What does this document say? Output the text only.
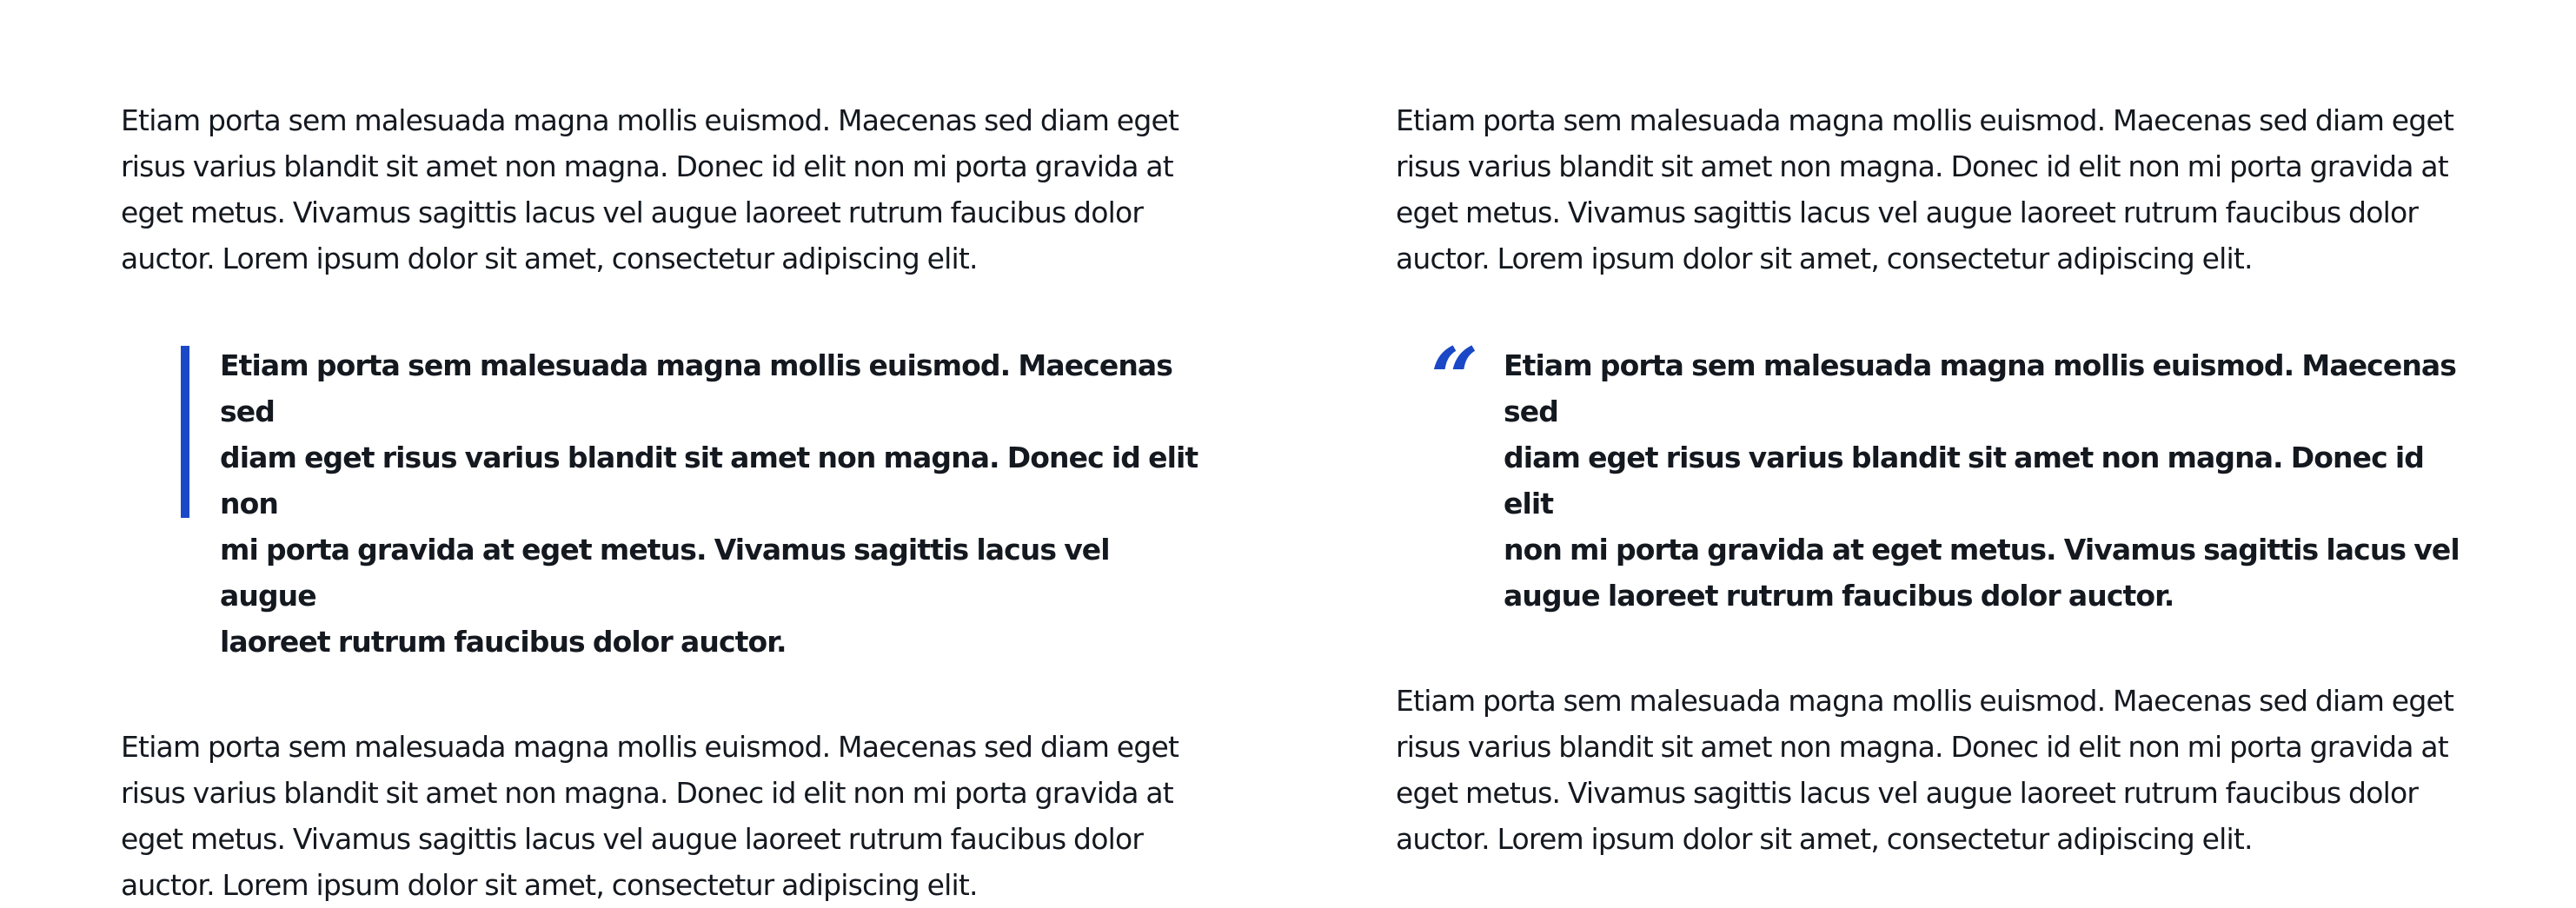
Etiam porta sem malesuada magna mollis euismod. Maecenas sed diam eget
risus varius blandit sit amet non magna. Donec id elit non mi porta gravida at
eget metus. Vivamus sagittis lacus vel augue laoreet rutrum faucibus dolor
auctor. Lorem ipsum dolor sit amet, consectetur adipiscing elit.

Etiam porta sem malesuada magna mollis euismod. Maecenas sed
diam eget risus varius blandit sit amet non magna. Donec id elit non
mi porta gravida at eget metus. Vivamus sagittis lacus vel augue
laoreet rutrum faucibus dolor auctor.

Etiam porta sem malesuada magna mollis euismod. Maecenas sed diam eget
risus varius blandit sit amet non magna. Donec id elit non mi porta gravida at
eget metus. Vivamus sagittis lacus vel augue laoreet rutrum faucibus dolor
auctor. Lorem ipsum dolor sit amet, consectetur adipiscing elit.

Etiam porta sem malesuada magna mollis euismod. Maecenas sed diam eget
risus varius blandit sit amet non magna. Donec id elit non mi porta gravida at
eget metus. Vivamus sagittis lacus vel augue laoreet rutrum faucibus dolor
auctor. Lorem ipsum dolor sit amet, consectetur adipiscing elit.

“ Etiam porta sem malesuada magna mollis euismod. Maecenas sed
diam eget risus varius blandit sit amet non magna. Donec id elit
non mi porta gravida at eget metus. Vivamus sagittis lacus vel
augue laoreet rutrum faucibus dolor auctor.

Etiam porta sem malesuada magna mollis euismod. Maecenas sed diam eget
risus varius blandit sit amet non magna. Donec id elit non mi porta gravida at
eget metus. Vivamus sagittis lacus vel augue laoreet rutrum faucibus dolor
auctor. Lorem ipsum dolor sit amet, consectetur adipiscing elit.
